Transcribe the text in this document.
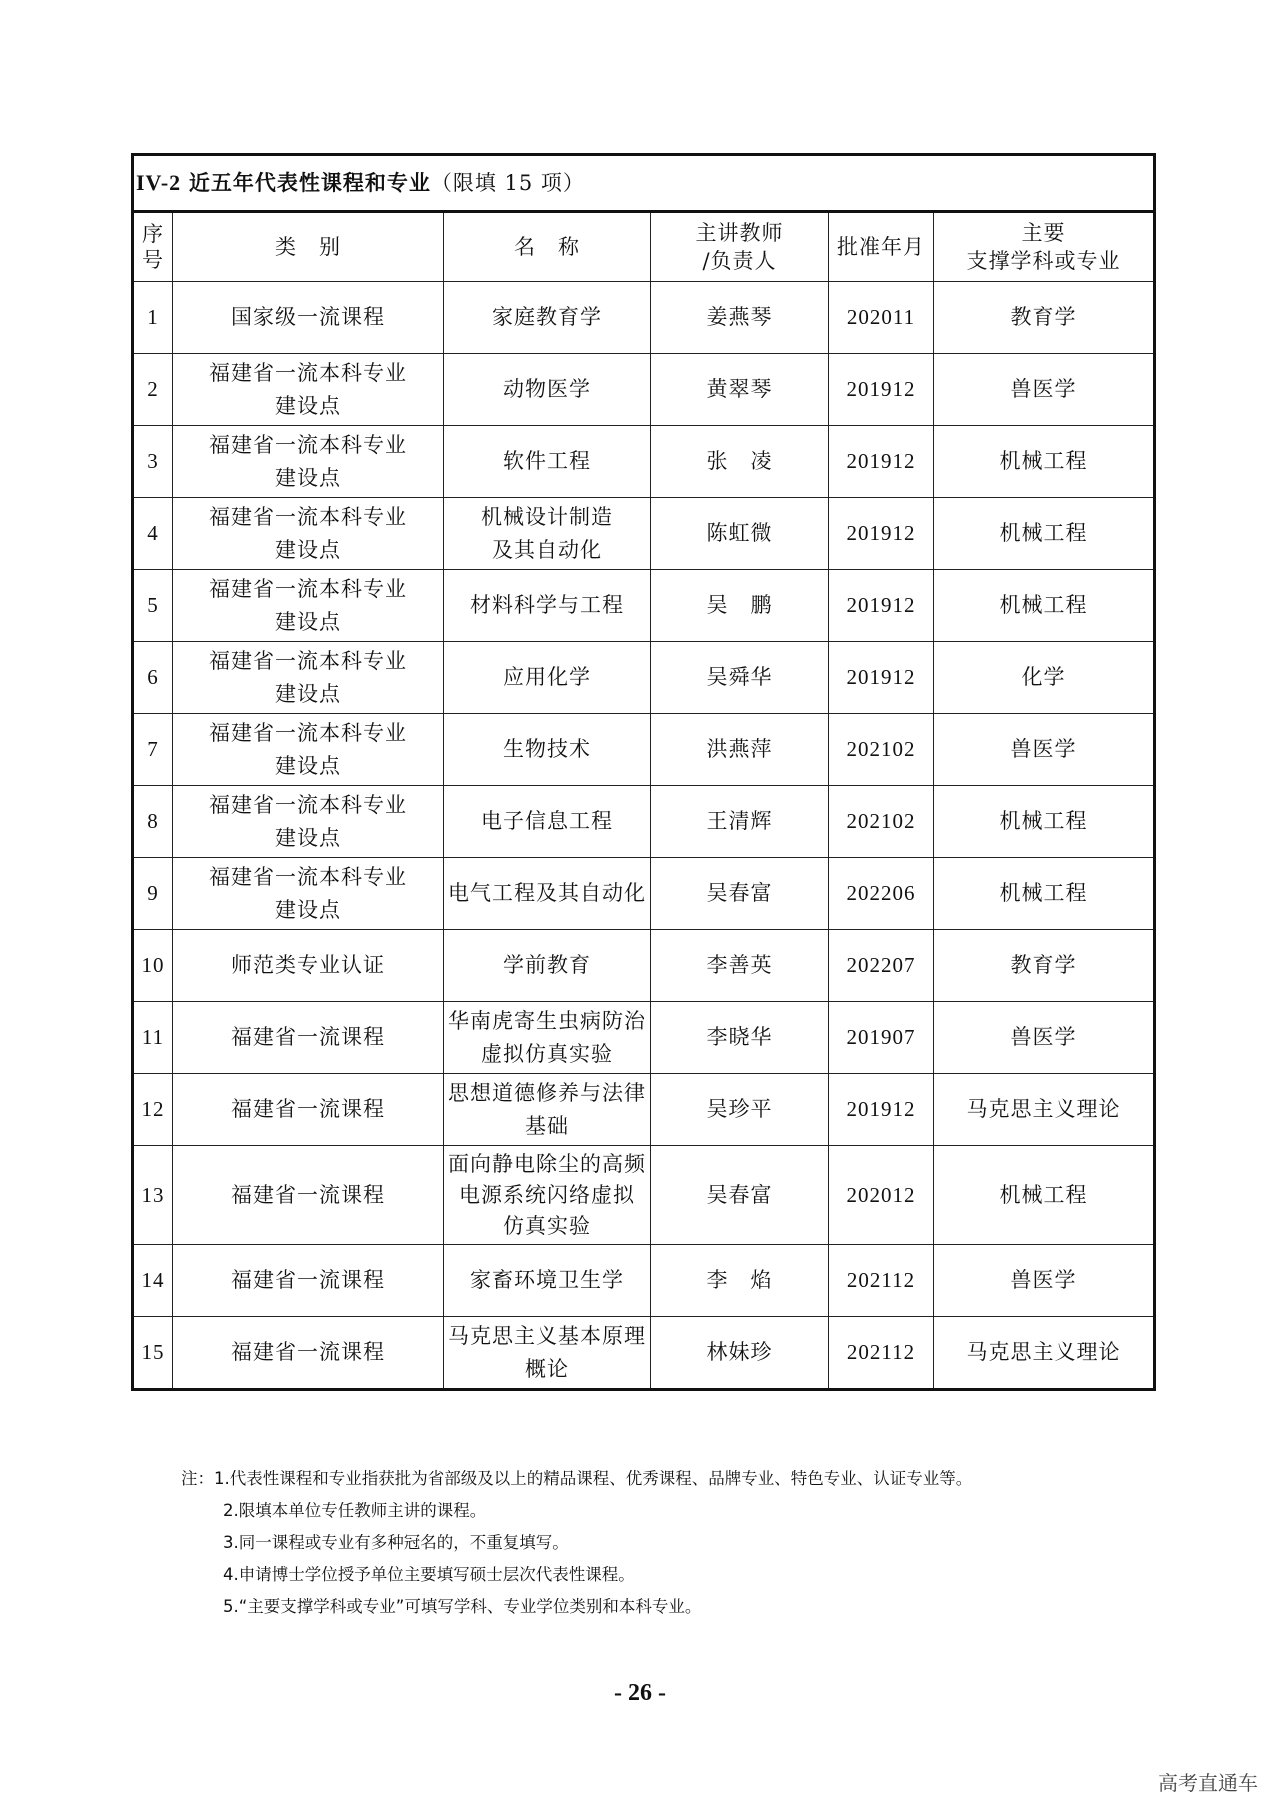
IV-2 近五年代表性课程和专业（限填 15 项）					

序号	类　别	名　称	主讲教师
/负责人	批准年月	主要
支撑学科或专业
1	国家级一流课程	家庭教育学	姜燕琴	202011	教育学
2	福建省一流本科专业
建设点	动物医学	黄翠琴	201912	兽医学
3	福建省一流本科专业
建设点	软件工程	张　凌	201912	机械工程
4	福建省一流本科专业
建设点	机械设计制造
及其自动化	陈虹微	201912	机械工程
5	福建省一流本科专业
建设点	材料科学与工程	吴　鹏	201912	机械工程
6	福建省一流本科专业
建设点	应用化学	吴舜华	201912	化学
7	福建省一流本科专业
建设点	生物技术	洪燕萍	202102	兽医学
8	福建省一流本科专业
建设点	电子信息工程	王清辉	202102	机械工程
9	福建省一流本科专业
建设点	电气工程及其自动化	吴春富	202206	机械工程
10	师范类专业认证	学前教育	李善英	202207	教育学
11	福建省一流课程	华南虎寄生虫病防治
虚拟仿真实验	李晓华	201907	兽医学
12	福建省一流课程	思想道德修养与法律
基础	吴珍平	201912	马克思主义理论
13	福建省一流课程	面向静电除尘的高频
电源系统闪络虚拟
仿真实验	吴春富	202012	机械工程
14	福建省一流课程	家畜环境卫生学	李　焰	202112	兽医学
15	福建省一流课程	马克思主义基本原理
概论	林妹珍	202112	马克思主义理论
注：1.代表性课程和专业指获批为省部级及以上的精品课程、优秀课程、品牌专业、特色专业、认证专业等。
2.限填本单位专任教师主讲的课程。
3.同一课程或专业有多种冠名的，不重复填写。
4.申请博士学位授予单位主要填写硕士层次代表性课程。
5.“主要支撑学科或专业”可填写学科、专业学位类别和本科专业。
- 26 -
高考直通车
